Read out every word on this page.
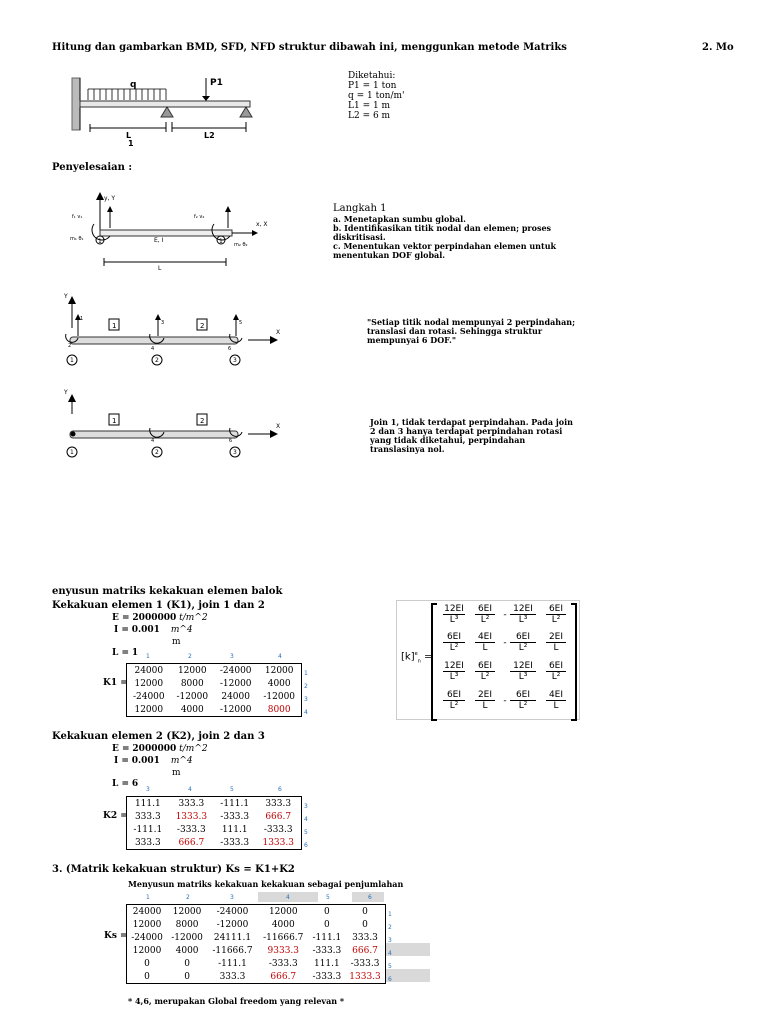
Hitung dan gambarkan BMD, SFD, NFD struktur dibawah ini, menggunkan metode Matriks	2. Mo
q	P1
L
1
L2
Diketahui:
P1 = 1 ton
q = 1 ton/m'
L1 = 1 m
L2 = 6 m
Penyelesaian :
y, Y
x, X
1	1
E, I
L
m₁ θ₁
m₂ θ₂
f₁ v₁	f₂ v₂
Langkah 1
a. Menetapkan sumbu global.
b. Identifikasikan titik nodal dan elemen; proses
diskritisasi.
c. Menentukan vektor perpindahan elemen untuk
menentukan DOF global.
Y
X
1	2
1
2
3
4
5
6
1	2	3
"Setiap titik nodal mempunyai 2 perpindahan; translasi dan rotasi. Sehingga struktur mempunyai 6 DOF."
Y
X
1	2
4	6
1	2	3
Join 1, tidak terdapat perpindahan. Pada join 2 dan 3 hanya terdapat perpindahan rotasi yang tidak diketahui, perpindahan translasinya nol.
enyusun matriks kekakuan elemen balok
Kekakuan elemen 1 (K1), join 1 dan 2
E = 2000000 t/m^2
I = 0.001 m^4
m
L = 1	1	2	3	4
K1 =
24000	12000	-24000	12000
12000	8000	-12000	4000
-24000	-12000	24000	-12000
12000	4000	-12000	8000
1
2
3
4
$[k]^e_n$ =
$\frac{12EI}{\text{L³}} \frac{6EI}{\text{L²}} - \frac{12EI}{\text{L³}} \frac{6EI}{\text{L²}}$
$\frac{6EI}{\text{L²}} \frac{4EI}{L} - \frac{6EI}{\text{L²}} \frac{2EI}{L}$
$\frac{12EI}{\text{L³}} \frac{6EI}{\text{L²}} \frac{12EI}{\text{L³}} \frac{6EI}{\text{L²}}$
$\frac{6EI}{\text{L²}} \frac{2EI}{L} - \frac{6EI}{\text{L²}} \frac{4EI}{L}$
Kekakuan elemen 2 (K2), join 2 dan 3
E = 2000000 t/m^2
I = 0.001 m^4
m
L = 6
3	4	5	6
K2 =
111.1	333.3	-111.1	333.3
333.3	1333.3	-333.3	666.7
-111.1	-333.3	111.1	-333.3
333.3	666.7	-333.3	1333.3
3
4
5
6
3. (Matrik kekakuan struktur) Ks = K1+K2
Menyusun matriks kekakuan kekakuan sebagai penjumlahan
1	2	3	4	5	6
Ks =
24000	12000	-24000	12000	0	0
12000	8000	-12000	4000	0	0
-24000	-12000	24111.1	-11666.7	-111.1	333.3
12000	4000	-11666.7	9333.3	-333.3	666.7
0	0	-111.1	-333.3	111.1	-333.3
0	0	333.3	666.7	-333.3	1333.3
1
2
3
4
5
6
* 4,6, merupakan Global freedom yang relevan *
